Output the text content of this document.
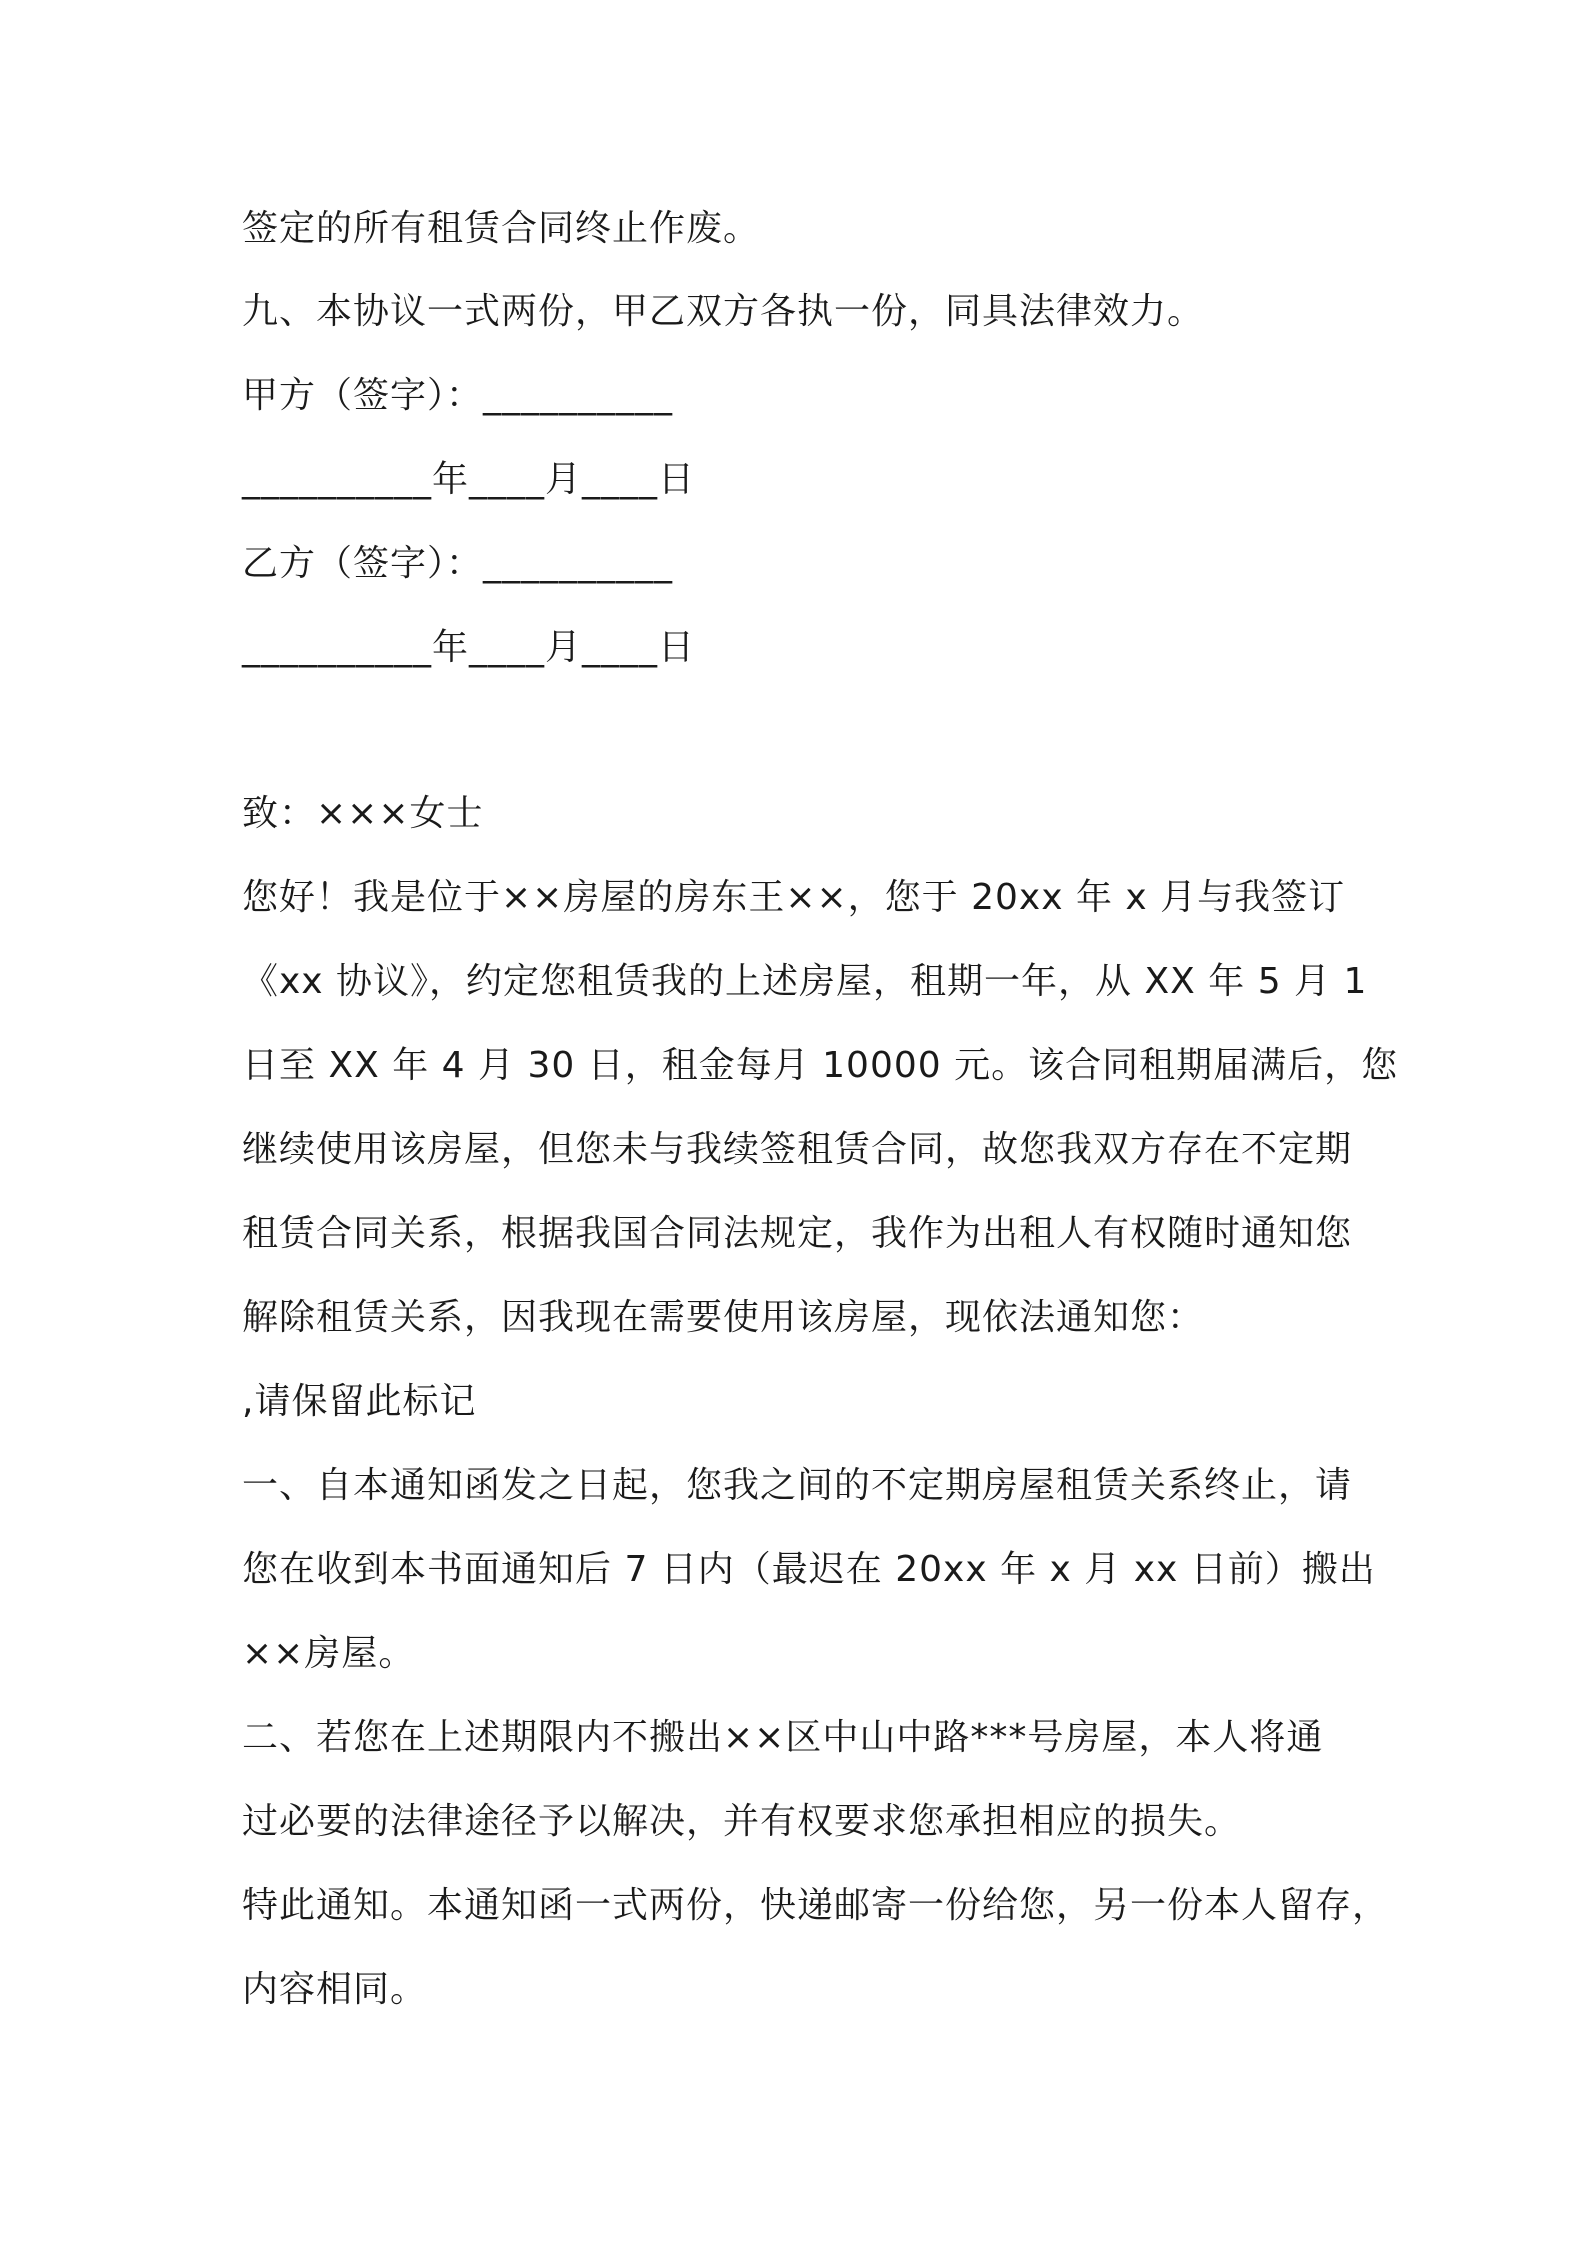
签定的所有租赁合同终止作废。
九、本协议一式两份，甲乙双方各执一份，同具法律效力。
甲方（签字）：__________
__________年____月____日
乙方（签字）：__________
__________年____月____日
致：×××女士
您好！我是位于××房屋的房东王××，您于 20xx 年 x 月与我签订
《xx 协议》，约定您租赁我的上述房屋，租期一年，从 XX 年 5 月 1
日至 XX 年 4 月 30 日，租金每月 10000 元。该合同租期届满后，您
继续使用该房屋，但您未与我续签租赁合同，故您我双方存在不定期
租赁合同关系，根据我国合同法规定，我作为出租人有权随时通知您
解除租赁关系，因我现在需要使用该房屋，现依法通知您：
,请保留此标记
一、自本通知函发之日起，您我之间的不定期房屋租赁关系终止，请
您在收到本书面通知后 7 日内（最迟在 20xx 年 x 月 xx 日前）搬出
××房屋。
二、若您在上述期限内不搬出××区中山中路***号房屋，本人将通
过必要的法律途径予以解决，并有权要求您承担相应的损失。
特此通知。本通知函一式两份，快递邮寄一份给您，另一份本人留存，
内容相同。
